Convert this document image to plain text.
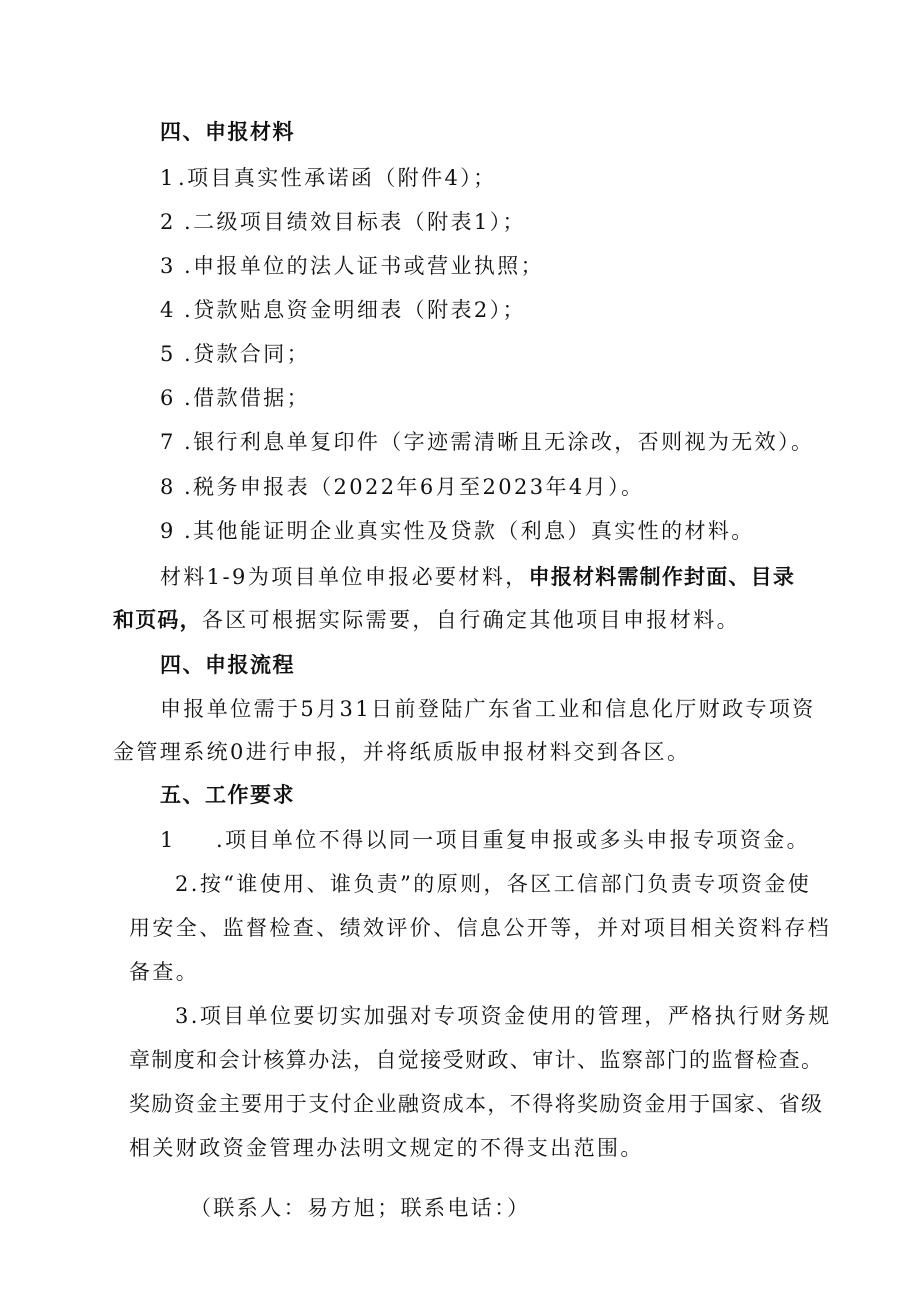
四、申报材料
1 .项目真实性承诺函（附件4）；
2 .二级项目绩效目标表（附表1）；
3 .申报单位的法人证书或营业执照；
4 .贷款贴息资金明细表（附表2）；
5 .贷款合同；
6 .借款借据；
7 .银行利息单复印件（字迹需清晰且无涂改，否则视为无效）。
8 .税务申报表（2022年6月至2023年4月）。
9 .其他能证明企业真实性及贷款（利息）真实性的材料。
材料1-9为项目单位申报必要材料，申报材料需制作封面、目录
和页码，各区可根据实际需要，自行确定其他项目申报材料。
四、申报流程
申报单位需于5月31日前登陆广东省工业和信息化厅财政专项资
金管理系统0进行申报，并将纸质版申报材料交到各区。
五、工作要求
1 .项目单位不得以同一项目重复申报或多头申报专项资金。
2.按“谁使用、谁负责”的原则，各区工信部门负责专项资金使
用安全、监督检查、绩效评价、信息公开等，并对项目相关资料存档
备查。
3.项目单位要切实加强对专项资金使用的管理，严格执行财务规
章制度和会计核算办法，自觉接受财政、审计、监察部门的监督检查。
奖励资金主要用于支付企业融资成本，不得将奖励资金用于国家、省级
相关财政资金管理办法明文规定的不得支出范围。
（联系人：易方旭；联系电话：）
